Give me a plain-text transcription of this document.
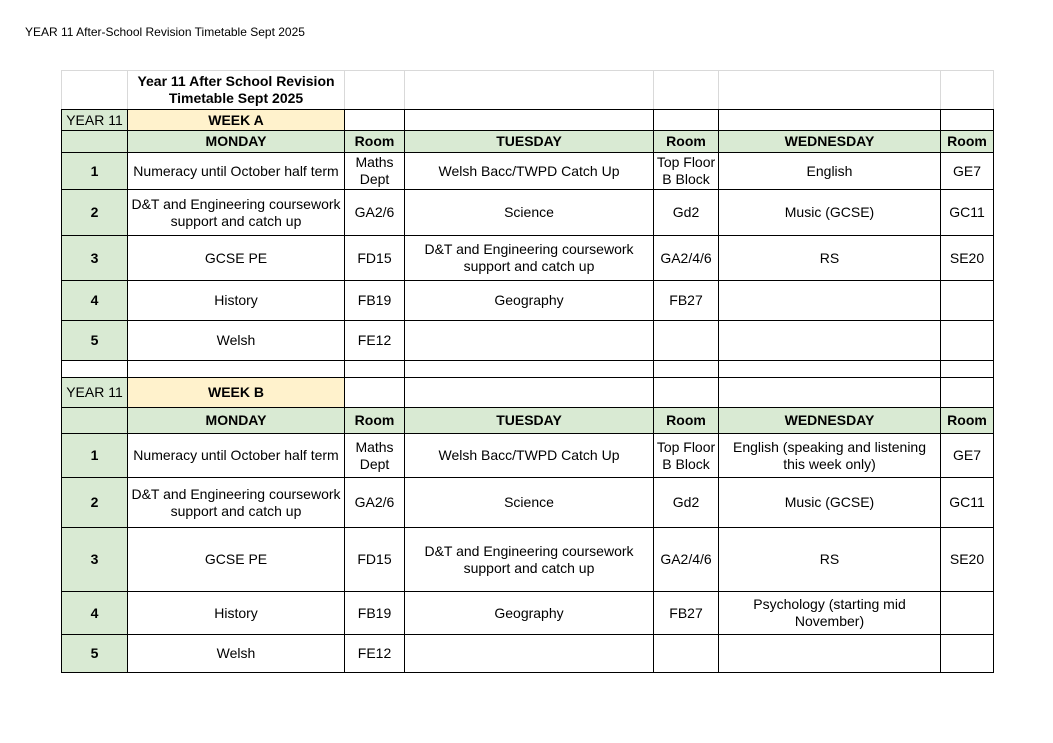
YEAR 11 After-School Revision Timetable Sept 2025
	Year 11 After School Revision Timetable Sept 2025					
YEAR 11	WEEK A					
	MONDAY	Room	TUESDAY	Room	WEDNESDAY	Room
1	Numeracy until October half term	Maths Dept	Welsh Bacc/TWPD Catch Up	Top Floor B Block	English	GE7
2	D&T and Engineering coursework support and catch up	GA2/6	Science	Gd2	Music (GCSE)	GC11
3	GCSE PE	FD15	D&T and Engineering coursework support and catch up	GA2/4/6	RS	SE20
4	History	FB19	Geography	FB27		
5	Welsh	FE12				

YEAR 11	WEEK B					
	MONDAY	Room	TUESDAY	Room	WEDNESDAY	Room
1	Numeracy until October half term	Maths Dept	Welsh Bacc/TWPD Catch Up	Top Floor B Block	English (speaking and listening this week only)	GE7
2	D&T and Engineering coursework support and catch up	GA2/6	Science	Gd2	Music (GCSE)	GC11
3	GCSE PE	FD15	D&T and Engineering coursework support and catch up	GA2/4/6	RS	SE20
4	History	FB19	Geography	FB27	Psychology (starting mid November)	
5	Welsh	FE12				
